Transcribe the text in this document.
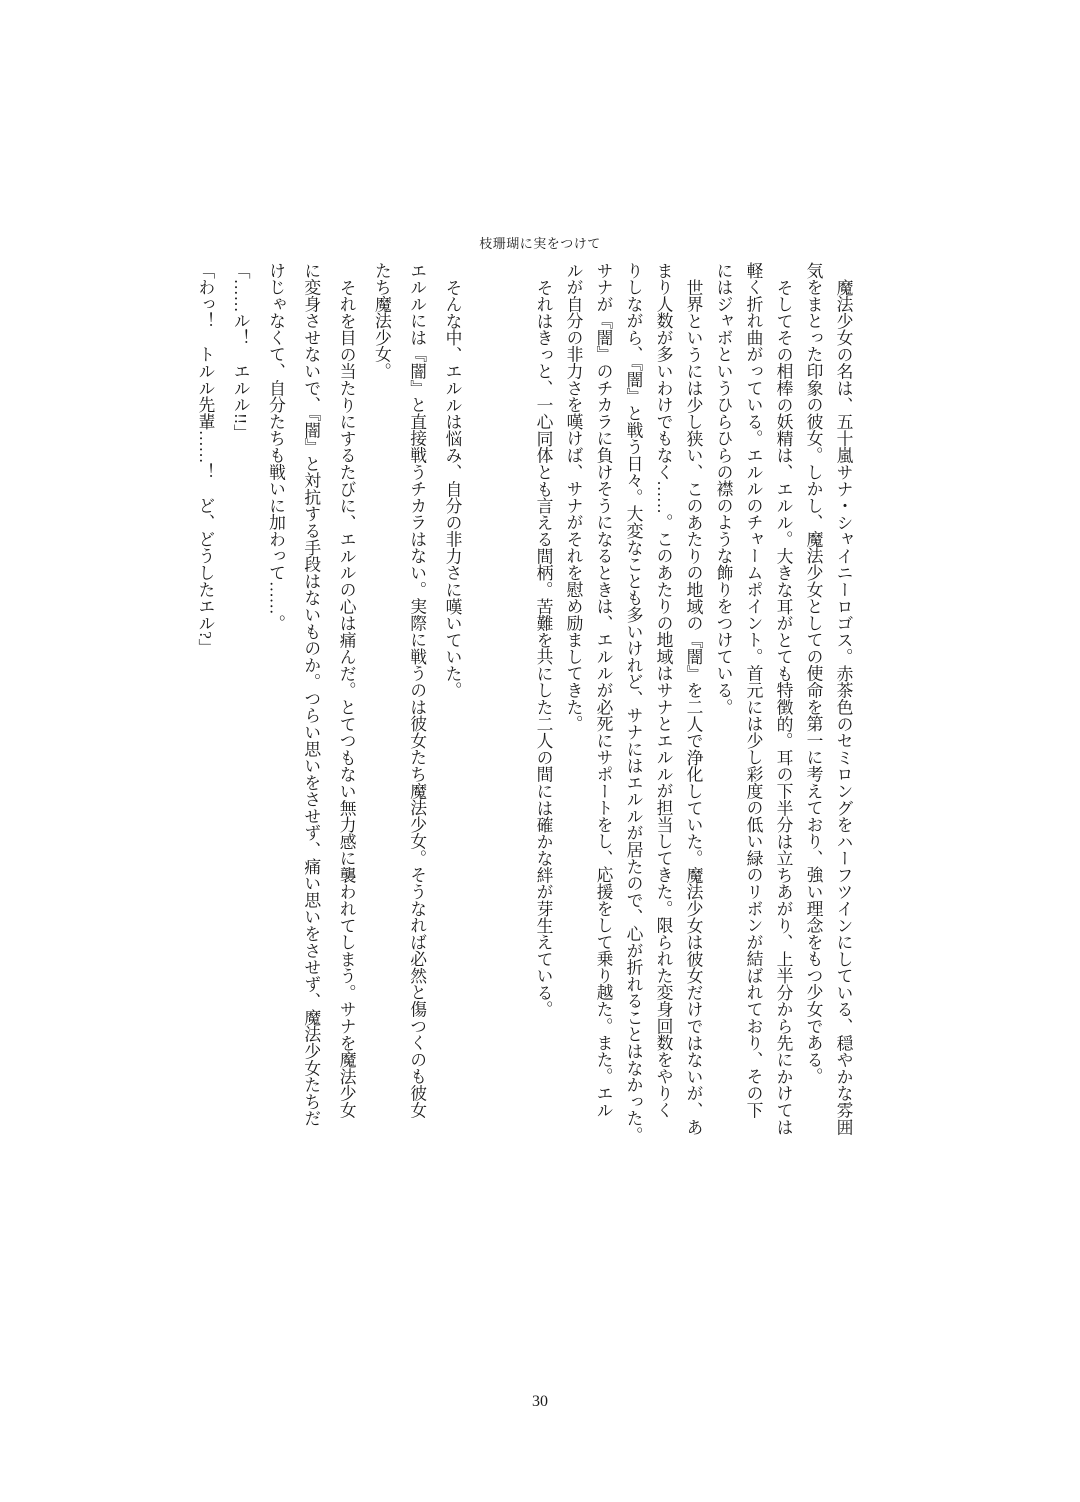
枝珊瑚に実をつけて
魔法少女の名は、五十嵐サナ・シャイニーロゴス。赤茶色のセミロングをハーフツインにしている、穏やかな雰囲
気をまとった印象の彼女。しかし、魔法少女としての使命を第一に考えており、強い理念をもつ少女である。
そしてその相棒の妖精は、エルル。大きな耳がとても特徴的。耳の下半分は立ちあがり、上半分から先にかけては
軽く折れ曲がっている。エルルのチャームポイント。首元には少し彩度の低い緑のリボンが結ばれており、その下
にはジャボというひらひらの襟のような飾りをつけている。
世界というには少し狭い、このあたりの地域の『闇』を二人で浄化していた。魔法少女は彼女だけではないが、あ
まり人数が多いわけでもなく……。このあたりの地域はサナとエルルが担当してきた。限られた変身回数をやりく
りしながら、『闇』と戦う日々。大変なことも多いけれど、サナにはエルルが居たので、心が折れることはなかった。
サナが『闇』のチカラに負けそうになるときは、エルルが必死にサポートをし、応援をして乗り越た。また。エル
ルが自分の非力さを嘆けば、サナがそれを慰め励ましてきた。
それはきっと、一心同体とも言える間柄。苦難を共にした二人の間には確かな絆が芽生えている。
そんな中、エルルは悩み、自分の非力さに嘆いていた。
エルルには『闇』と直接戦うチカラはない。実際に戦うのは彼女たち魔法少女。そうなれば必然と傷つくのも彼女
たち魔法少女。
それを目の当たりにするたびに、エルルの心は痛んだ。とてつもない無力感に襲われてしまう。サナを魔法少女
に変身させないで、『闇』と対抗する手段はないものか。つらい思いをさせず、痛い思いをさせず、魔法少女たちだ
けじゃなくて、自分たちも戦いに加わって……。
「……ル！　エルル!!」
「わっ！　トルル先輩……！　ど、どうしたエル?」
30
